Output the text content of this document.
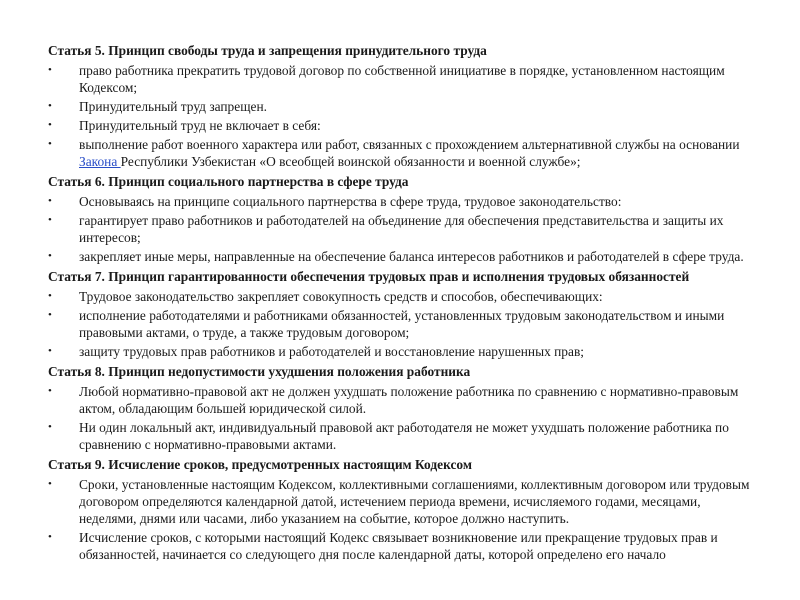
Статья 5. Принцип свободы труда и запрещения принудительного труда
• право работника прекратить трудовой договор по собственной инициативе в порядке, установленном настоящим Кодексом;
• Принудительный труд запрещен.
• Принудительный труд не включает в себя:
• выполнение работ военного характера или работ, связанных с прохождением альтернативной службы на основании Закона Республики Узбекистан «О всеобщей воинской обязанности и военной службе»;
Статья 6. Принцип социального партнерства в сфере труда
• Основываясь на принципе социального партнерства в сфере труда, трудовое законодательство:
• гарантирует право работников и работодателей на объединение для обеспечения представительства и защиты их интересов;
• закрепляет иные меры, направленные на обеспечение баланса интересов работников и работодателей в сфере труда.
Статья 7. Принцип гарантированности обеспечения трудовых прав и исполнения трудовых обязанностей
• Трудовое законодательство закрепляет совокупность средств и способов, обеспечивающих:
• исполнение работодателями и работниками обязанностей, установленных трудовым законодательством и иными правовыми актами, о труде, а также трудовым договором;
• защиту трудовых прав работников и работодателей и восстановление нарушенных прав;
Статья 8. Принцип недопустимости ухудшения положения работника
• Любой нормативно-правовой акт не должен ухудшать положение работника по сравнению с нормативно-правовым актом, обладающим большей юридической силой.
• Ни один локальный акт, индивидуальный правовой акт работодателя не может ухудшать положение работника по сравнению с нормативно-правовыми актами.
Статья 9. Исчисление сроков, предусмотренных настоящим Кодексом
• Сроки, установленные настоящим Кодексом, коллективными соглашениями, коллективным договором или трудовым договором определяются календарной датой, истечением периода времени, исчисляемого годами, месяцами, неделями, днями или часами, либо указанием на событие, которое должно наступить.
• Исчисление сроков, с которыми настоящий Кодекс связывает возникновение или прекращение трудовых прав и обязанностей, начинается со следующего дня после календарной даты, которой определено его начало
